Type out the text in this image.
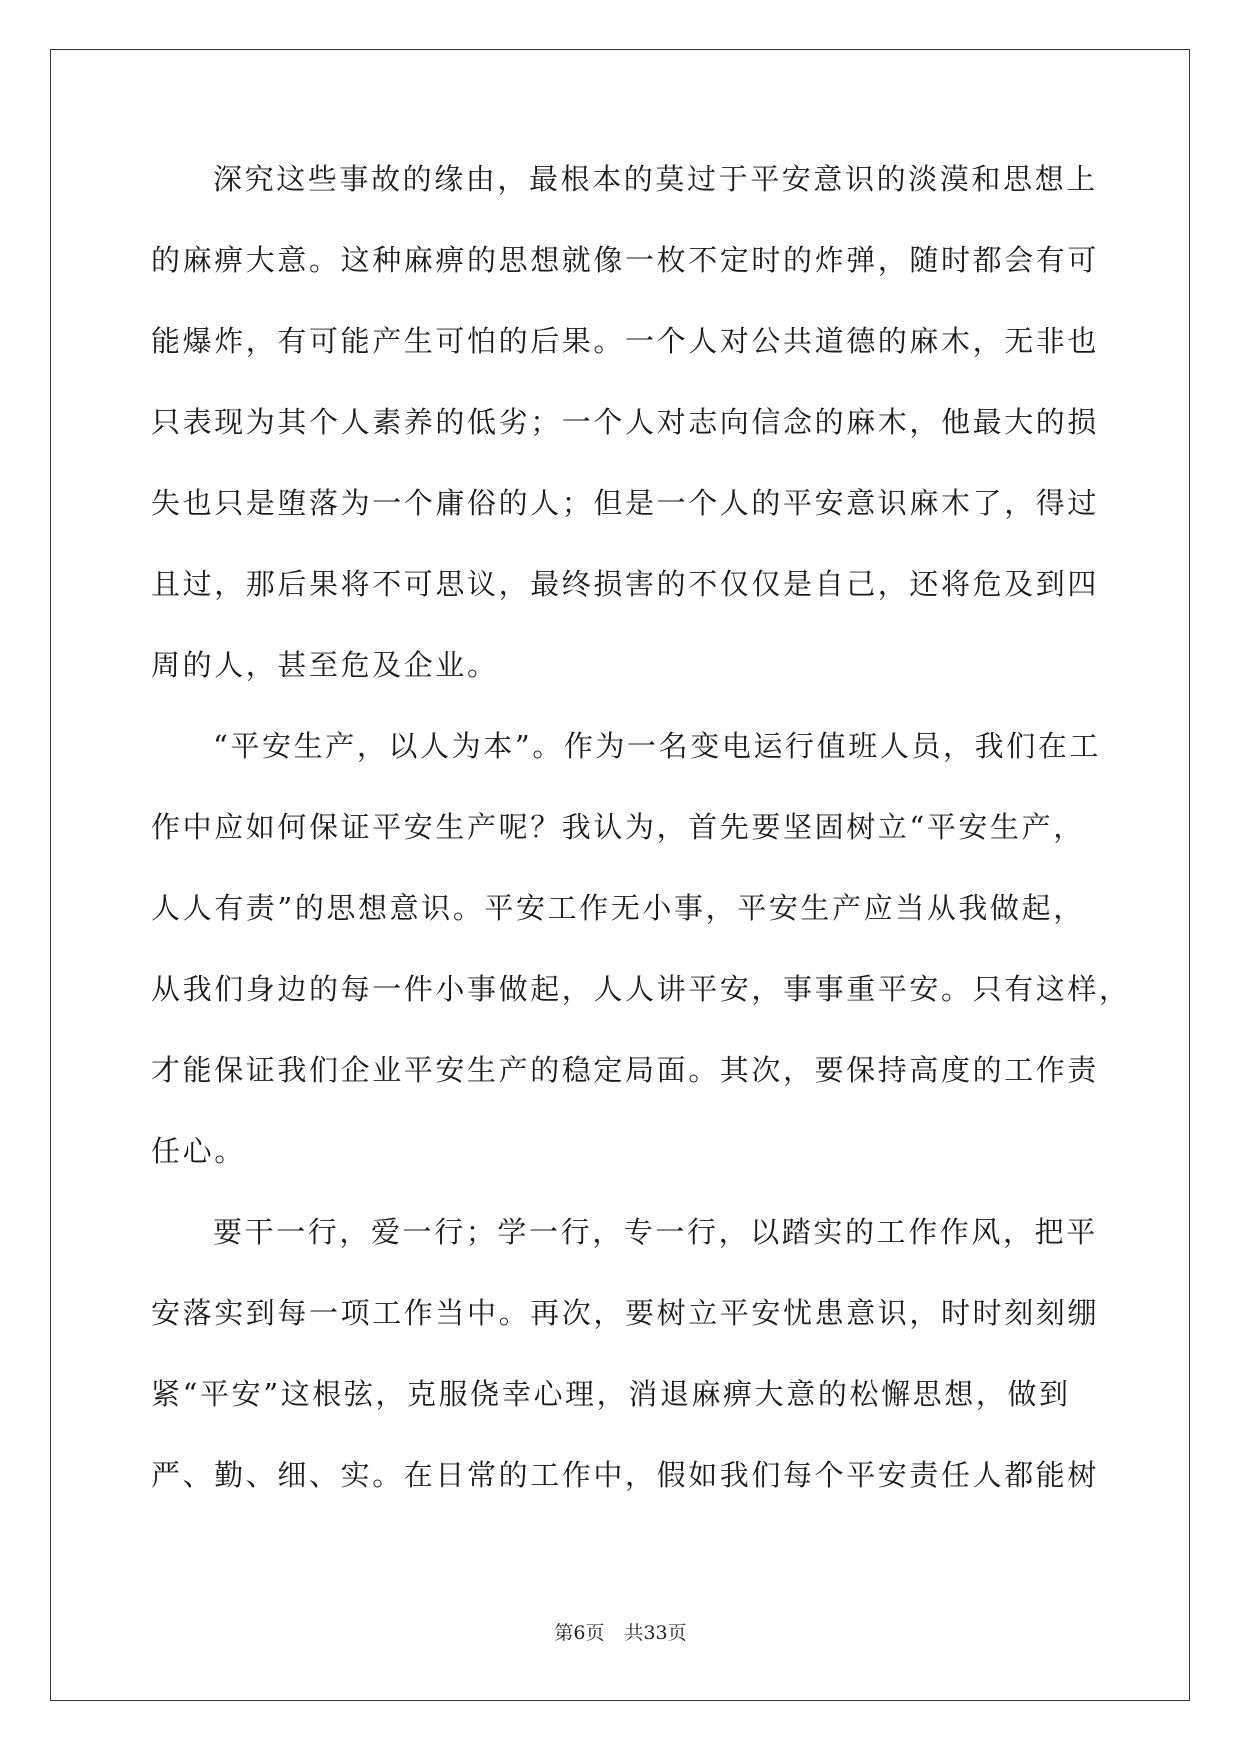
深究这些事故的缘由，最根本的莫过于平安意识的淡漠和思想上
的麻痹大意。这种麻痹的思想就像一枚不定时的炸弹，随时都会有可
能爆炸，有可能产生可怕的后果。一个人对公共道德的麻木，无非也
只表现为其个人素养的低劣；一个人对志向信念的麻木，他最大的损
失也只是堕落为一个庸俗的人；但是一个人的平安意识麻木了，得过
且过，那后果将不可思议，最终损害的不仅仅是自己，还将危及到四
周的人，甚至危及企业。
“平安生产，以人为本”。作为一名变电运行值班人员，我们在工
作中应如何保证平安生产呢？我认为，首先要坚固树立“平安生产，
人人有责”的思想意识。平安工作无小事，平安生产应当从我做起，
从我们身边的每一件小事做起，人人讲平安，事事重平安。只有这样，
才能保证我们企业平安生产的稳定局面。其次，要保持高度的工作责
任心。
要干一行，爱一行；学一行，专一行，以踏实的工作作风，把平
安落实到每一项工作当中。再次，要树立平安忧患意识，时时刻刻绷
紧“平安”这根弦，克服侥幸心理，消退麻痹大意的松懈思想，做到
严、勤、细、实。在日常的工作中，假如我们每个平安责任人都能树
第6页 共33页
